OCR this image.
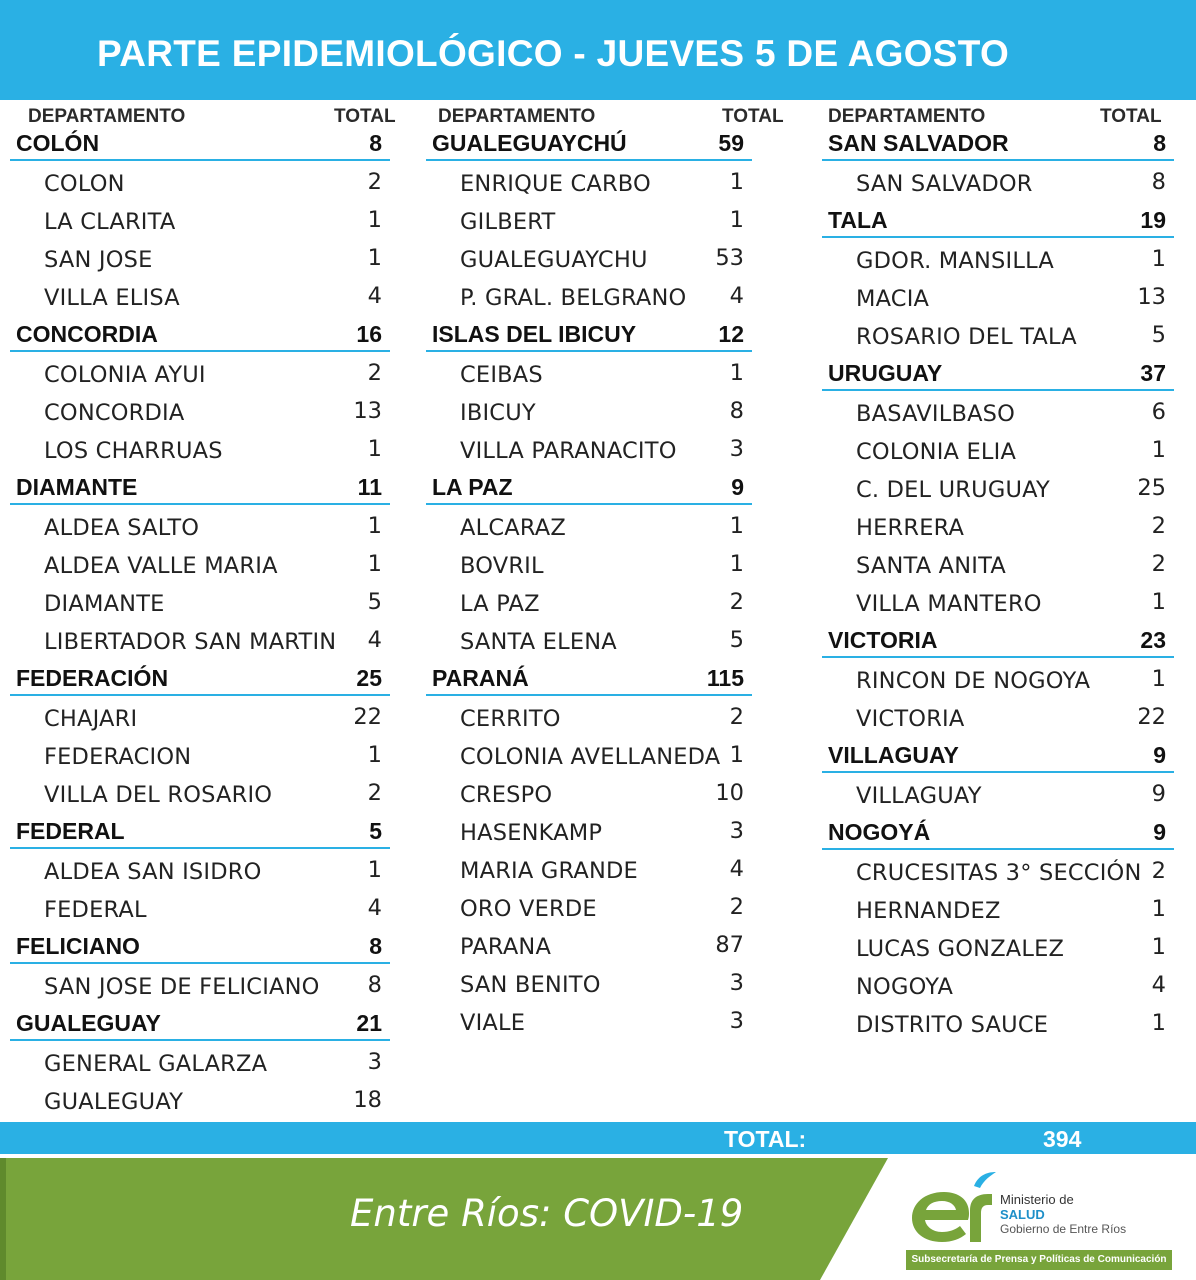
PARTE EPIDEMIOLÓGICO - JUEVES 5 DE AGOSTO
DEPARTAMENTO	TOTAL
COLÓN	8
COLON	2
LA CLARITA	1
SAN JOSE	1
VILLA ELISA	4
CONCORDIA	16
COLONIA AYUI	2
CONCORDIA	13
LOS CHARRUAS	1
DIAMANTE	11
ALDEA SALTO	1
ALDEA VALLE MARIA	1
DIAMANTE	5
LIBERTADOR SAN MARTIN 4
FEDERACIÓN	25
CHAJARI	22
FEDERACION	1
VILLA DEL ROSARIO	2
FEDERAL	5
ALDEA SAN ISIDRO	1
FEDERAL	4
FELICIANO	8
SAN JOSE DE FELICIANO 8
GUALEGUAY	21
GENERAL GALARZA	3
GUALEGUAY	18
DEPARTAMENTO	TOTAL
GUALEGUAYCHÚ	59
ENRIQUE CARBO	1
GILBERT	1
GUALEGUAYCHU	53
P. GRAL. BELGRANO 4
ISLAS DEL IBICUY	12
CEIBAS	1
IBICUY	8
VILLA PARANACITO 3
LA PAZ	9
ALCARAZ	1
BOVRIL	1
LA PAZ	2
SANTA ELENA	5
PARANÁ	115
CERRITO	2
COLONIA AVELLANEDA 1
CRESPO	10
HASENKAMP	3
MARIA GRANDE	4
ORO VERDE	2
PARANA	87
SAN BENITO	3
VIALE	3
DEPARTAMENTO	TOTAL
SAN SALVADOR	8
SAN SALVADOR	8
TALA	19
GDOR. MANSILLA	1
MACIA	13
ROSARIO DEL TALA	5
URUGUAY	37
BASAVILBASO	6
COLONIA ELIA	1
C. DEL URUGUAY	25
HERRERA	2
SANTA ANITA	2
VILLA MANTERO	1
VICTORIA	23
RINCON DE NOGOYA	1
VICTORIA	22
VILLAGUAY	9
VILLAGUAY	9
NOGOYÁ	9
CRUCESITAS 3° SECCIÓN 2
HERNANDEZ	1
LUCAS GONZALEZ	1
NOGOYA	4
DISTRITO SAUCE	1
TOTAL:	394
Entre Ríos: COVID-19	Ministerio de
SALUD
Gobierno de Entre Ríos
Subsecretaría de Prensa y Políticas de Comunicación
